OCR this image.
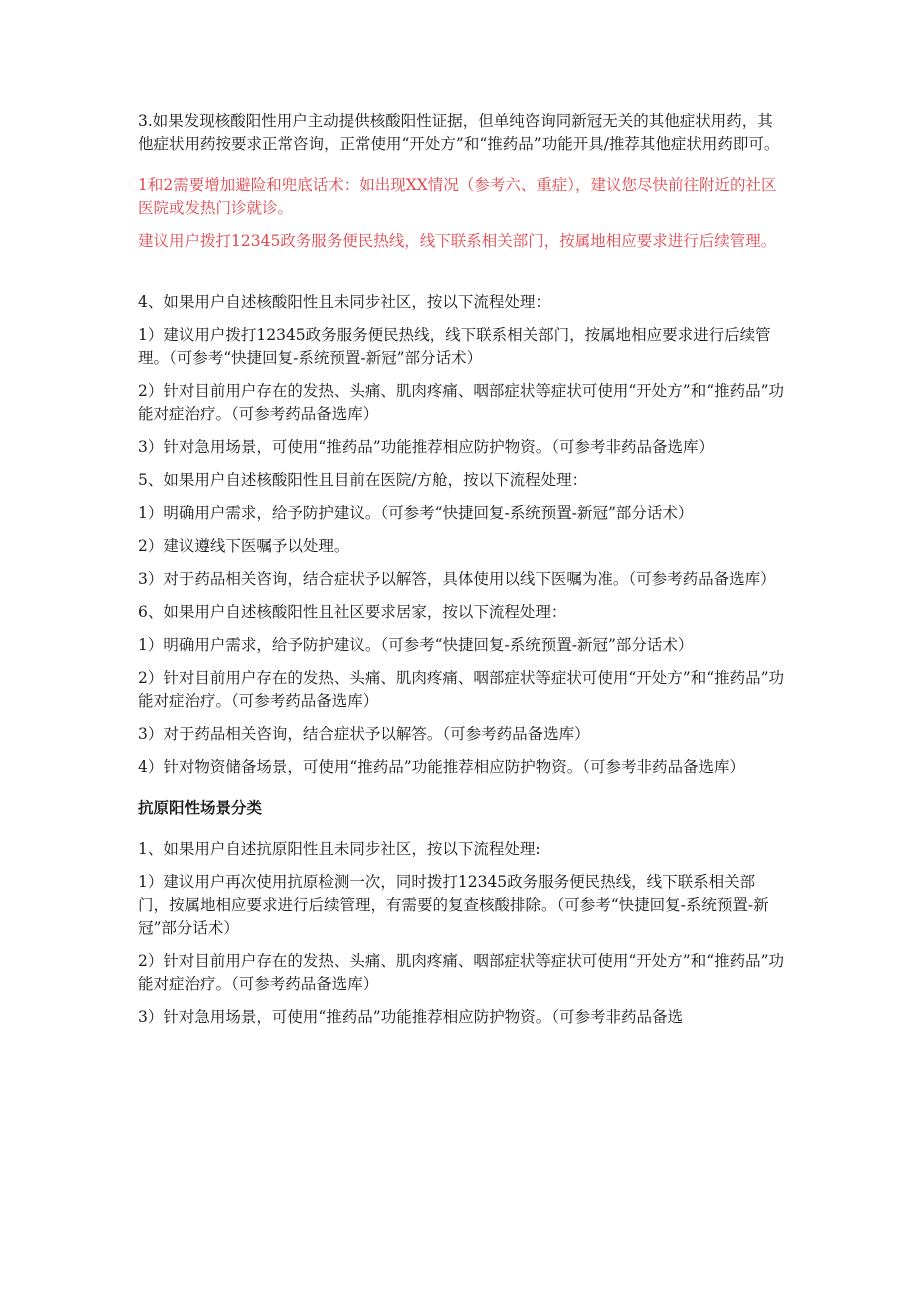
3.如果发现核酸阳性用户主动提供核酸阳性证据，但单纯咨询同新冠无关的其他症状用药，其他症状用药按要求正常咨询，正常使用“开处方”和“推药品”功能开具/推荐其他症状用药即可。

1和2需要增加避险和兜底话术：如出现XX情况（参考六、重症），建议您尽快前往附近的社区医院或发热门诊就诊。

建议用户拨打12345政务服务便民热线，线下联系相关部门，按属地相应要求进行后续管理。

4、如果用户自述核酸阳性且未同步社区，按以下流程处理：

1）建议用户拨打12345政务服务便民热线，线下联系相关部门，按属地相应要求进行后续管理。（可参考“快捷回复-系统预置-新冠”部分话术）

2）针对目前用户存在的发热、头痛、肌肉疼痛、咽部症状等症状可使用“开处方”和“推药品”功能对症治疗。（可参考药品备选库）

3）针对急用场景，可使用“推药品”功能推荐相应防护物资。（可参考非药品备选库）

5、如果用户自述核酸阳性且目前在医院/方舱，按以下流程处理：

1）明确用户需求，给予防护建议。（可参考“快捷回复-系统预置-新冠”部分话术）

2）建议遵线下医嘱予以处理。

3）对于药品相关咨询，结合症状予以解答，具体使用以线下医嘱为准。（可参考药品备选库）

6、如果用户自述核酸阳性且社区要求居家，按以下流程处理：

1）明确用户需求，给予防护建议。（可参考“快捷回复-系统预置-新冠”部分话术）

2）针对目前用户存在的发热、头痛、肌肉疼痛、咽部症状等症状可使用“开处方”和“推药品”功能对症治疗。（可参考药品备选库）

3）对于药品相关咨询，结合症状予以解答。（可参考药品备选库）

4）针对物资储备场景，可使用“推药品”功能推荐相应防护物资。（可参考非药品备选库）

抗原阳性场景分类

1、如果用户自述抗原阳性且未同步社区，按以下流程处理:

1）建议用户再次使用抗原检测一次，同时拨打12345政务服务便民热线，线下联系相关部门，按属地相应要求进行后续管理，有需要的复查核酸排除。（可参考“快捷回复-系统预置-新冠”部分话术）

2）针对目前用户存在的发热、头痛、肌肉疼痛、咽部症状等症状可使用“开处方”和“推药品”功能对症治疗。（可参考药品备选库）

3）针对急用场景，可使用“推药品”功能推荐相应防护物资。（可参考非药品备选
